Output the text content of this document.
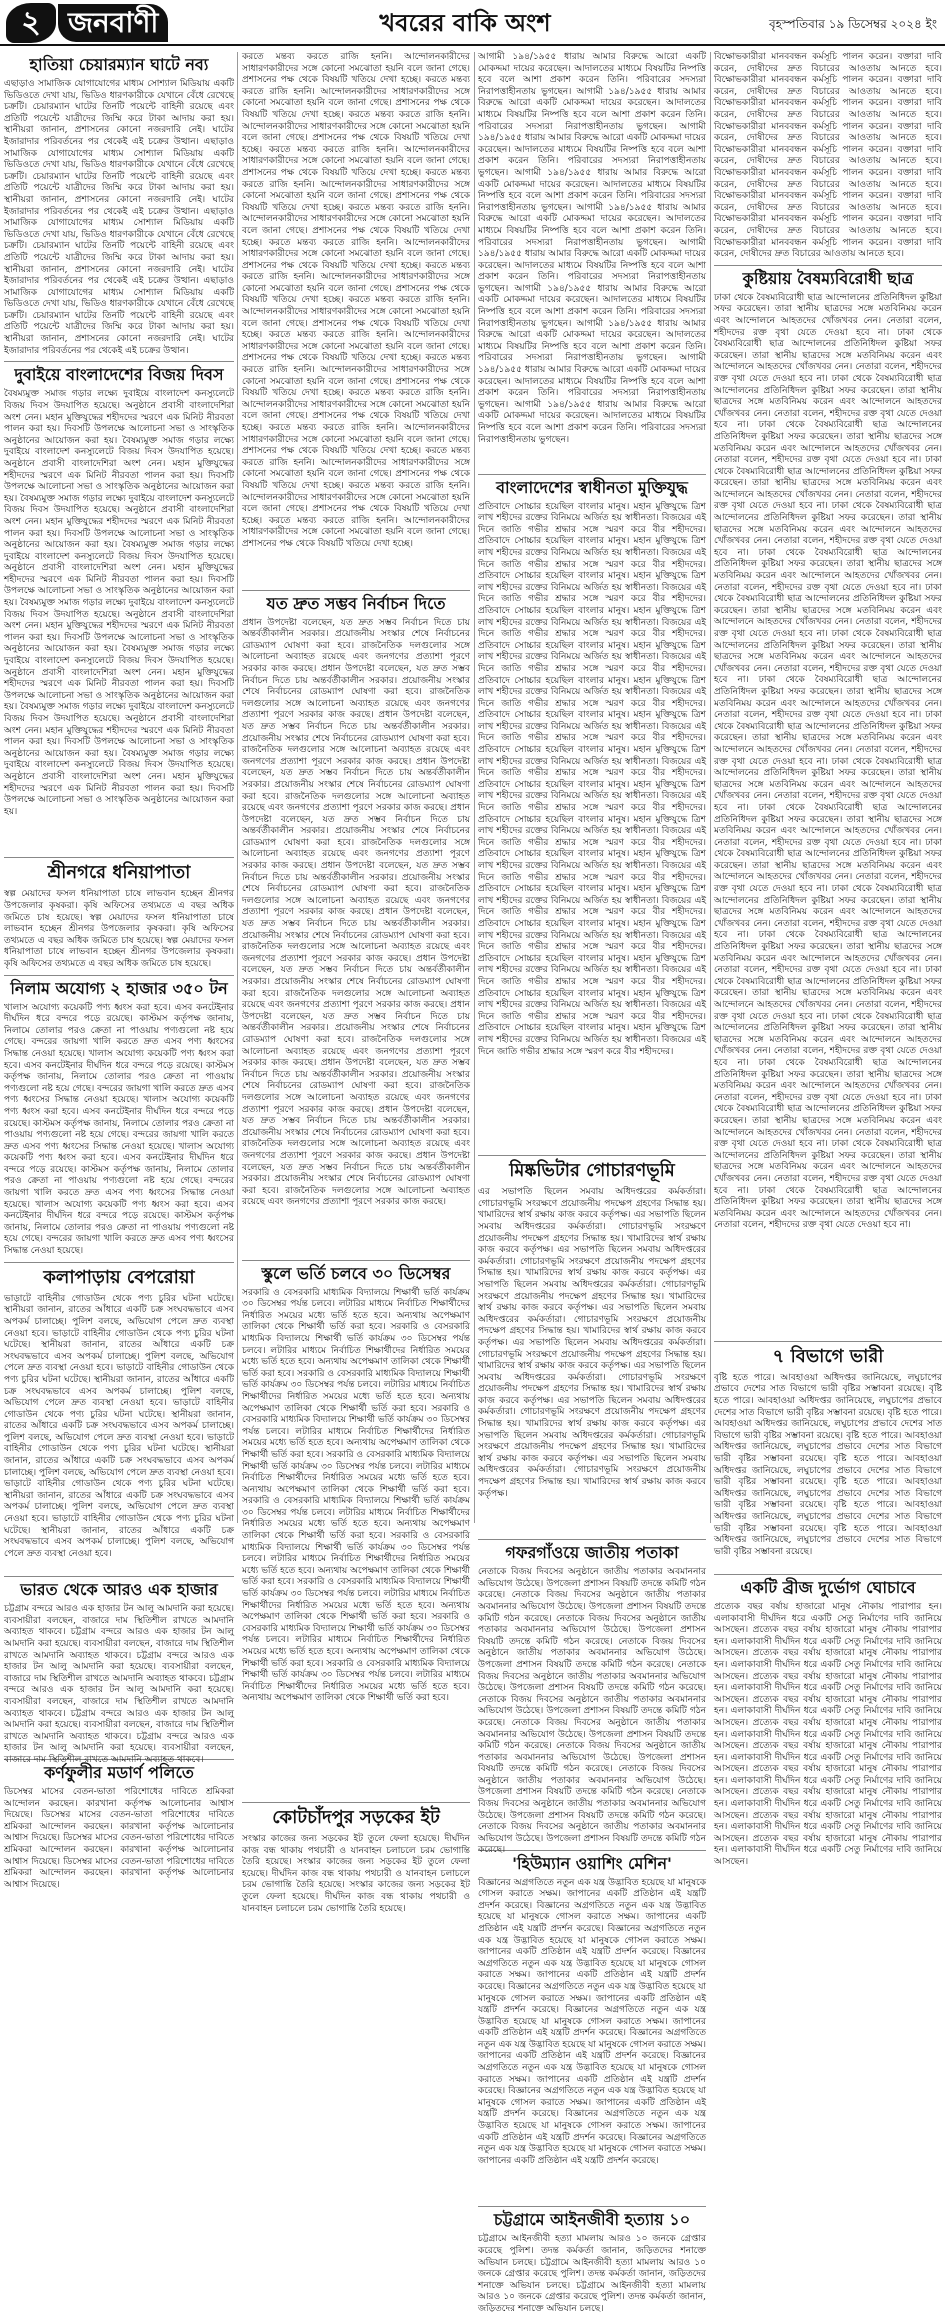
২ জনবাণী	খবরের বাকি অংশ	বৃহস্পতিবার ১৯ ডিসেম্বর ২০২৪ ইং
হাতিয়া চেয়ারম্যান ঘাটে নব্য
এছাড়াও সামাজিক যোগাযোগের মাধ্যম সোশ্যাল মিডিয়ায় একটি ভিডিওতে দেখা যায়, ভিডিও ধারণকারীকে যেখানে বেঁধে রেখেছে চক্রটি। চেয়ারম্যান ঘাটের তিনটি পয়েন্টে বাহিনী রয়েছে এবং প্রতিটি পয়েন্টে যাত্রীদের জিম্মি করে টাকা আদায় করা হয়। স্থানীয়রা জানান, প্রশাসনের কোনো নজরদারি নেই। ঘাটের ইজারাদার পরিবর্তনের পর থেকেই এই চক্রের উত্থান। এছাড়াও সামাজিক যোগাযোগের মাধ্যম সোশ্যাল মিডিয়ায় একটি ভিডিওতে দেখা যায়, ভিডিও ধারণকারীকে যেখানে বেঁধে রেখেছে চক্রটি। চেয়ারম্যান ঘাটের তিনটি পয়েন্টে বাহিনী রয়েছে এবং প্রতিটি পয়েন্টে যাত্রীদের জিম্মি করে টাকা আদায় করা হয়। স্থানীয়রা জানান, প্রশাসনের কোনো নজরদারি নেই। ঘাটের ইজারাদার পরিবর্তনের পর থেকেই এই চক্রের উত্থান। এছাড়াও সামাজিক যোগাযোগের মাধ্যম সোশ্যাল মিডিয়ায় একটি ভিডিওতে দেখা যায়, ভিডিও ধারণকারীকে যেখানে বেঁধে রেখেছে চক্রটি। চেয়ারম্যান ঘাটের তিনটি পয়েন্টে বাহিনী রয়েছে এবং প্রতিটি পয়েন্টে যাত্রীদের জিম্মি করে টাকা আদায় করা হয়। স্থানীয়রা জানান, প্রশাসনের কোনো নজরদারি নেই। ঘাটের ইজারাদার পরিবর্তনের পর থেকেই এই চক্রের উত্থান। এছাড়াও সামাজিক যোগাযোগের মাধ্যম সোশ্যাল মিডিয়ায় একটি ভিডিওতে দেখা যায়, ভিডিও ধারণকারীকে যেখানে বেঁধে রেখেছে চক্রটি। চেয়ারম্যান ঘাটের তিনটি পয়েন্টে বাহিনী রয়েছে এবং প্রতিটি পয়েন্টে যাত্রীদের জিম্মি করে টাকা আদায় করা হয়। স্থানীয়রা জানান, প্রশাসনের কোনো নজরদারি নেই। ঘাটের ইজারাদার পরিবর্তনের পর থেকেই এই চক্রের উত্থান।
দুবাইয়ে বাংলাদেশের বিজয় দিবস
বৈষম্যমুক্ত সমাজ গড়ার লক্ষ্যে দুবাইয়ে বাংলাদেশ কনস্যুলেটে বিজয় দিবস উদযাপিত হয়েছে। অনুষ্ঠানে প্রবাসী বাংলাদেশিরা অংশ নেন। মহান মুক্তিযুদ্ধের শহীদদের স্মরণে এক মিনিট নীরবতা পালন করা হয়। দিবসটি উপলক্ষে আলোচনা সভা ও সাংস্কৃতিক অনুষ্ঠানের আয়োজন করা হয়। বৈষম্যমুক্ত সমাজ গড়ার লক্ষ্যে দুবাইয়ে বাংলাদেশ কনস্যুলেটে বিজয় দিবস উদযাপিত হয়েছে। অনুষ্ঠানে প্রবাসী বাংলাদেশিরা অংশ নেন। মহান মুক্তিযুদ্ধের শহীদদের স্মরণে এক মিনিট নীরবতা পালন করা হয়। দিবসটি উপলক্ষে আলোচনা সভা ও সাংস্কৃতিক অনুষ্ঠানের আয়োজন করা হয়। বৈষম্যমুক্ত সমাজ গড়ার লক্ষ্যে দুবাইয়ে বাংলাদেশ কনস্যুলেটে বিজয় দিবস উদযাপিত হয়েছে। অনুষ্ঠানে প্রবাসী বাংলাদেশিরা অংশ নেন। মহান মুক্তিযুদ্ধের শহীদদের স্মরণে এক মিনিট নীরবতা পালন করা হয়। দিবসটি উপলক্ষে আলোচনা সভা ও সাংস্কৃতিক অনুষ্ঠানের আয়োজন করা হয়। বৈষম্যমুক্ত সমাজ গড়ার লক্ষ্যে দুবাইয়ে বাংলাদেশ কনস্যুলেটে বিজয় দিবস উদযাপিত হয়েছে। অনুষ্ঠানে প্রবাসী বাংলাদেশিরা অংশ নেন। মহান মুক্তিযুদ্ধের শহীদদের স্মরণে এক মিনিট নীরবতা পালন করা হয়। দিবসটি উপলক্ষে আলোচনা সভা ও সাংস্কৃতিক অনুষ্ঠানের আয়োজন করা হয়। বৈষম্যমুক্ত সমাজ গড়ার লক্ষ্যে দুবাইয়ে বাংলাদেশ কনস্যুলেটে বিজয় দিবস উদযাপিত হয়েছে। অনুষ্ঠানে প্রবাসী বাংলাদেশিরা অংশ নেন। মহান মুক্তিযুদ্ধের শহীদদের স্মরণে এক মিনিট নীরবতা পালন করা হয়। দিবসটি উপলক্ষে আলোচনা সভা ও সাংস্কৃতিক অনুষ্ঠানের আয়োজন করা হয়। বৈষম্যমুক্ত সমাজ গড়ার লক্ষ্যে দুবাইয়ে বাংলাদেশ কনস্যুলেটে বিজয় দিবস উদযাপিত হয়েছে। অনুষ্ঠানে প্রবাসী বাংলাদেশিরা অংশ নেন। মহান মুক্তিযুদ্ধের শহীদদের স্মরণে এক মিনিট নীরবতা পালন করা হয়। দিবসটি উপলক্ষে আলোচনা সভা ও সাংস্কৃতিক অনুষ্ঠানের আয়োজন করা হয়। বৈষম্যমুক্ত সমাজ গড়ার লক্ষ্যে দুবাইয়ে বাংলাদেশ কনস্যুলেটে বিজয় দিবস উদযাপিত হয়েছে। অনুষ্ঠানে প্রবাসী বাংলাদেশিরা অংশ নেন। মহান মুক্তিযুদ্ধের শহীদদের স্মরণে এক মিনিট নীরবতা পালন করা হয়। দিবসটি উপলক্ষে আলোচনা সভা ও সাংস্কৃতিক অনুষ্ঠানের আয়োজন করা হয়। বৈষম্যমুক্ত সমাজ গড়ার লক্ষ্যে দুবাইয়ে বাংলাদেশ কনস্যুলেটে বিজয় দিবস উদযাপিত হয়েছে। অনুষ্ঠানে প্রবাসী বাংলাদেশিরা অংশ নেন। মহান মুক্তিযুদ্ধের শহীদদের স্মরণে এক মিনিট নীরবতা পালন করা হয়। দিবসটি উপলক্ষে আলোচনা সভা ও সাংস্কৃতিক অনুষ্ঠানের আয়োজন করা হয়।
শ্রীনগরে ধনিয়াপাতা
স্বল্প মেয়াদের ফসল ধনিয়াপাতা চাষে লাভবান হচ্ছেন শ্রীনগর উপজেলার কৃষকরা। কৃষি অফিসের তথ্যমতে এ বছর অধিক জমিতে চাষ হয়েছে। স্বল্প মেয়াদের ফসল ধনিয়াপাতা চাষে লাভবান হচ্ছেন শ্রীনগর উপজেলার কৃষকরা। কৃষি অফিসের তথ্যমতে এ বছর অধিক জমিতে চাষ হয়েছে। স্বল্প মেয়াদের ফসল ধনিয়াপাতা চাষে লাভবান হচ্ছেন শ্রীনগর উপজেলার কৃষকরা। কৃষি অফিসের তথ্যমতে এ বছর অধিক জমিতে চাষ হয়েছে।
নিলাম অযোগ্য ২ হাজার ৩৫০ টন
খালাস অযোগ্য কয়েকটি পণ্য ধ্বংস করা হবে। এসব কনটেইনার দীর্ঘদিন ধরে বন্দরে পড়ে রয়েছে। কাস্টমস কর্তৃপক্ষ জানায়, নিলামে তোলার পরও ক্রেতা না পাওয়ায় পণ্যগুলো নষ্ট হয়ে গেছে। বন্দরের জায়গা খালি করতে দ্রুত এসব পণ্য ধ্বংসের সিদ্ধান্ত নেওয়া হয়েছে। খালাস অযোগ্য কয়েকটি পণ্য ধ্বংস করা হবে। এসব কনটেইনার দীর্ঘদিন ধরে বন্দরে পড়ে রয়েছে। কাস্টমস কর্তৃপক্ষ জানায়, নিলামে তোলার পরও ক্রেতা না পাওয়ায় পণ্যগুলো নষ্ট হয়ে গেছে। বন্দরের জায়গা খালি করতে দ্রুত এসব পণ্য ধ্বংসের সিদ্ধান্ত নেওয়া হয়েছে। খালাস অযোগ্য কয়েকটি পণ্য ধ্বংস করা হবে। এসব কনটেইনার দীর্ঘদিন ধরে বন্দরে পড়ে রয়েছে। কাস্টমস কর্তৃপক্ষ জানায়, নিলামে তোলার পরও ক্রেতা না পাওয়ায় পণ্যগুলো নষ্ট হয়ে গেছে। বন্দরের জায়গা খালি করতে দ্রুত এসব পণ্য ধ্বংসের সিদ্ধান্ত নেওয়া হয়েছে। খালাস অযোগ্য কয়েকটি পণ্য ধ্বংস করা হবে। এসব কনটেইনার দীর্ঘদিন ধরে বন্দরে পড়ে রয়েছে। কাস্টমস কর্তৃপক্ষ জানায়, নিলামে তোলার পরও ক্রেতা না পাওয়ায় পণ্যগুলো নষ্ট হয়ে গেছে। বন্দরের জায়গা খালি করতে দ্রুত এসব পণ্য ধ্বংসের সিদ্ধান্ত নেওয়া হয়েছে। খালাস অযোগ্য কয়েকটি পণ্য ধ্বংস করা হবে। এসব কনটেইনার দীর্ঘদিন ধরে বন্দরে পড়ে রয়েছে। কাস্টমস কর্তৃপক্ষ জানায়, নিলামে তোলার পরও ক্রেতা না পাওয়ায় পণ্যগুলো নষ্ট হয়ে গেছে। বন্দরের জায়গা খালি করতে দ্রুত এসব পণ্য ধ্বংসের সিদ্ধান্ত নেওয়া হয়েছে।
কলাপাড়ায় বেপরোয়া
ভাড়াটে বাহিনীর গোডাউন থেকে পণ্য চুরির ঘটনা ঘটেছে। স্থানীয়রা জানান, রাতের আঁধারে একটি চক্র সংঘবদ্ধভাবে এসব অপকর্ম চালাচ্ছে। পুলিশ বলছে, অভিযোগ পেলে দ্রুত ব্যবস্থা নেওয়া হবে। ভাড়াটে বাহিনীর গোডাউন থেকে পণ্য চুরির ঘটনা ঘটেছে। স্থানীয়রা জানান, রাতের আঁধারে একটি চক্র সংঘবদ্ধভাবে এসব অপকর্ম চালাচ্ছে। পুলিশ বলছে, অভিযোগ পেলে দ্রুত ব্যবস্থা নেওয়া হবে। ভাড়াটে বাহিনীর গোডাউন থেকে পণ্য চুরির ঘটনা ঘটেছে। স্থানীয়রা জানান, রাতের আঁধারে একটি চক্র সংঘবদ্ধভাবে এসব অপকর্ম চালাচ্ছে। পুলিশ বলছে, অভিযোগ পেলে দ্রুত ব্যবস্থা নেওয়া হবে। ভাড়াটে বাহিনীর গোডাউন থেকে পণ্য চুরির ঘটনা ঘটেছে। স্থানীয়রা জানান, রাতের আঁধারে একটি চক্র সংঘবদ্ধভাবে এসব অপকর্ম চালাচ্ছে। পুলিশ বলছে, অভিযোগ পেলে দ্রুত ব্যবস্থা নেওয়া হবে। ভাড়াটে বাহিনীর গোডাউন থেকে পণ্য চুরির ঘটনা ঘটেছে। স্থানীয়রা জানান, রাতের আঁধারে একটি চক্র সংঘবদ্ধভাবে এসব অপকর্ম চালাচ্ছে। পুলিশ বলছে, অভিযোগ পেলে দ্রুত ব্যবস্থা নেওয়া হবে। ভাড়াটে বাহিনীর গোডাউন থেকে পণ্য চুরির ঘটনা ঘটেছে। স্থানীয়রা জানান, রাতের আঁধারে একটি চক্র সংঘবদ্ধভাবে এসব অপকর্ম চালাচ্ছে। পুলিশ বলছে, অভিযোগ পেলে দ্রুত ব্যবস্থা নেওয়া হবে। ভাড়াটে বাহিনীর গোডাউন থেকে পণ্য চুরির ঘটনা ঘটেছে। স্থানীয়রা জানান, রাতের আঁধারে একটি চক্র সংঘবদ্ধভাবে এসব অপকর্ম চালাচ্ছে। পুলিশ বলছে, অভিযোগ পেলে দ্রুত ব্যবস্থা নেওয়া হবে।
ভারত থেকে আরও এক হাজার
চট্টগ্রাম বন্দরে আরও এক হাজার টন আলু আমদানি করা হয়েছে। ব্যবসায়ীরা বলছেন, বাজারে দাম স্থিতিশীল রাখতে আমদানি অব্যাহত থাকবে। চট্টগ্রাম বন্দরে আরও এক হাজার টন আলু আমদানি করা হয়েছে। ব্যবসায়ীরা বলছেন, বাজারে দাম স্থিতিশীল রাখতে আমদানি অব্যাহত থাকবে। চট্টগ্রাম বন্দরে আরও এক হাজার টন আলু আমদানি করা হয়েছে। ব্যবসায়ীরা বলছেন, বাজারে দাম স্থিতিশীল রাখতে আমদানি অব্যাহত থাকবে। চট্টগ্রাম বন্দরে আরও এক হাজার টন আলু আমদানি করা হয়েছে। ব্যবসায়ীরা বলছেন, বাজারে দাম স্থিতিশীল রাখতে আমদানি অব্যাহত থাকবে। চট্টগ্রাম বন্দরে আরও এক হাজার টন আলু আমদানি করা হয়েছে। ব্যবসায়ীরা বলছেন, বাজারে দাম স্থিতিশীল রাখতে আমদানি অব্যাহত থাকবে। চট্টগ্রাম বন্দরে আরও এক হাজার টন আলু আমদানি করা হয়েছে। ব্যবসায়ীরা বলছেন, বাজারে দাম স্থিতিশীল রাখতে আমদানি অব্যাহত থাকবে।
কর্ণফুলীর মডার্ণ পলিতে
ডিসেম্বর মাসের বেতন-ভাতা পরিশোধের দাবিতে শ্রমিকরা আন্দোলন করছেন। কারখানা কর্তৃপক্ষ আলোচনার আশ্বাস দিয়েছে। ডিসেম্বর মাসের বেতন-ভাতা পরিশোধের দাবিতে শ্রমিকরা আন্দোলন করছেন। কারখানা কর্তৃপক্ষ আলোচনার আশ্বাস দিয়েছে। ডিসেম্বর মাসের বেতন-ভাতা পরিশোধের দাবিতে শ্রমিকরা আন্দোলন করছেন। কারখানা কর্তৃপক্ষ আলোচনার আশ্বাস দিয়েছে। ডিসেম্বর মাসের বেতন-ভাতা পরিশোধের দাবিতে শ্রমিকরা আন্দোলন করছেন। কারখানা কর্তৃপক্ষ আলোচনার আশ্বাস দিয়েছে।
করতে মন্তব্য করতে রাজি হননি। আন্দোলনকারীদের সাধারণকারীদের সঙ্গে কোনো সমঝোতা হয়নি বলে জানা গেছে। প্রশাসনের পক্ষ থেকে বিষয়টি খতিয়ে দেখা হচ্ছে। করতে মন্তব্য করতে রাজি হননি। আন্দোলনকারীদের সাধারণকারীদের সঙ্গে কোনো সমঝোতা হয়নি বলে জানা গেছে। প্রশাসনের পক্ষ থেকে বিষয়টি খতিয়ে দেখা হচ্ছে। করতে মন্তব্য করতে রাজি হননি। আন্দোলনকারীদের সাধারণকারীদের সঙ্গে কোনো সমঝোতা হয়নি বলে জানা গেছে। প্রশাসনের পক্ষ থেকে বিষয়টি খতিয়ে দেখা হচ্ছে। করতে মন্তব্য করতে রাজি হননি। আন্দোলনকারীদের সাধারণকারীদের সঙ্গে কোনো সমঝোতা হয়নি বলে জানা গেছে। প্রশাসনের পক্ষ থেকে বিষয়টি খতিয়ে দেখা হচ্ছে। করতে মন্তব্য করতে রাজি হননি। আন্দোলনকারীদের সাধারণকারীদের সঙ্গে কোনো সমঝোতা হয়নি বলে জানা গেছে। প্রশাসনের পক্ষ থেকে বিষয়টি খতিয়ে দেখা হচ্ছে। করতে মন্তব্য করতে রাজি হননি। আন্দোলনকারীদের সাধারণকারীদের সঙ্গে কোনো সমঝোতা হয়নি বলে জানা গেছে। প্রশাসনের পক্ষ থেকে বিষয়টি খতিয়ে দেখা হচ্ছে। করতে মন্তব্য করতে রাজি হননি। আন্দোলনকারীদের সাধারণকারীদের সঙ্গে কোনো সমঝোতা হয়নি বলে জানা গেছে। প্রশাসনের পক্ষ থেকে বিষয়টি খতিয়ে দেখা হচ্ছে। করতে মন্তব্য করতে রাজি হননি। আন্দোলনকারীদের সাধারণকারীদের সঙ্গে কোনো সমঝোতা হয়নি বলে জানা গেছে। প্রশাসনের পক্ষ থেকে বিষয়টি খতিয়ে দেখা হচ্ছে। করতে মন্তব্য করতে রাজি হননি। আন্দোলনকারীদের সাধারণকারীদের সঙ্গে কোনো সমঝোতা হয়নি বলে জানা গেছে। প্রশাসনের পক্ষ থেকে বিষয়টি খতিয়ে দেখা হচ্ছে। করতে মন্তব্য করতে রাজি হননি। আন্দোলনকারীদের সাধারণকারীদের সঙ্গে কোনো সমঝোতা হয়নি বলে জানা গেছে। প্রশাসনের পক্ষ থেকে বিষয়টি খতিয়ে দেখা হচ্ছে। করতে মন্তব্য করতে রাজি হননি। আন্দোলনকারীদের সাধারণকারীদের সঙ্গে কোনো সমঝোতা হয়নি বলে জানা গেছে। প্রশাসনের পক্ষ থেকে বিষয়টি খতিয়ে দেখা হচ্ছে। করতে মন্তব্য করতে রাজি হননি। আন্দোলনকারীদের সাধারণকারীদের সঙ্গে কোনো সমঝোতা হয়নি বলে জানা গেছে। প্রশাসনের পক্ষ থেকে বিষয়টি খতিয়ে দেখা হচ্ছে। করতে মন্তব্য করতে রাজি হননি। আন্দোলনকারীদের সাধারণকারীদের সঙ্গে কোনো সমঝোতা হয়নি বলে জানা গেছে। প্রশাসনের পক্ষ থেকে বিষয়টি খতিয়ে দেখা হচ্ছে। করতে মন্তব্য করতে রাজি হননি। আন্দোলনকারীদের সাধারণকারীদের সঙ্গে কোনো সমঝোতা হয়নি বলে জানা গেছে। প্রশাসনের পক্ষ থেকে বিষয়টি খতিয়ে দেখা হচ্ছে। করতে মন্তব্য করতে রাজি হননি। আন্দোলনকারীদের সাধারণকারীদের সঙ্গে কোনো সমঝোতা হয়নি বলে জানা গেছে। প্রশাসনের পক্ষ থেকে বিষয়টি খতিয়ে দেখা হচ্ছে। করতে মন্তব্য করতে রাজি হননি। আন্দোলনকারীদের সাধারণকারীদের সঙ্গে কোনো সমঝোতা হয়নি বলে জানা গেছে। প্রশাসনের পক্ষ থেকে বিষয়টি খতিয়ে দেখা হচ্ছে।
যত দ্রুত সম্ভব নির্বাচন দিতে
প্রধান উপদেষ্টা বলেছেন, যত দ্রুত সম্ভব নির্বাচন দিতে চায় অন্তর্বর্তীকালীন সরকার। প্রয়োজনীয় সংস্কার শেষে নির্বাচনের রোডম্যাপ ঘোষণা করা হবে। রাজনৈতিক দলগুলোর সঙ্গে আলোচনা অব্যাহত রয়েছে এবং জনগণের প্রত্যাশা পূরণে সরকার কাজ করছে। প্রধান উপদেষ্টা বলেছেন, যত দ্রুত সম্ভব নির্বাচন দিতে চায় অন্তর্বর্তীকালীন সরকার। প্রয়োজনীয় সংস্কার শেষে নির্বাচনের রোডম্যাপ ঘোষণা করা হবে। রাজনৈতিক দলগুলোর সঙ্গে আলোচনা অব্যাহত রয়েছে এবং জনগণের প্রত্যাশা পূরণে সরকার কাজ করছে। প্রধান উপদেষ্টা বলেছেন, যত দ্রুত সম্ভব নির্বাচন দিতে চায় অন্তর্বর্তীকালীন সরকার। প্রয়োজনীয় সংস্কার শেষে নির্বাচনের রোডম্যাপ ঘোষণা করা হবে। রাজনৈতিক দলগুলোর সঙ্গে আলোচনা অব্যাহত রয়েছে এবং জনগণের প্রত্যাশা পূরণে সরকার কাজ করছে। প্রধান উপদেষ্টা বলেছেন, যত দ্রুত সম্ভব নির্বাচন দিতে চায় অন্তর্বর্তীকালীন সরকার। প্রয়োজনীয় সংস্কার শেষে নির্বাচনের রোডম্যাপ ঘোষণা করা হবে। রাজনৈতিক দলগুলোর সঙ্গে আলোচনা অব্যাহত রয়েছে এবং জনগণের প্রত্যাশা পূরণে সরকার কাজ করছে। প্রধান উপদেষ্টা বলেছেন, যত দ্রুত সম্ভব নির্বাচন দিতে চায় অন্তর্বর্তীকালীন সরকার। প্রয়োজনীয় সংস্কার শেষে নির্বাচনের রোডম্যাপ ঘোষণা করা হবে। রাজনৈতিক দলগুলোর সঙ্গে আলোচনা অব্যাহত রয়েছে এবং জনগণের প্রত্যাশা পূরণে সরকার কাজ করছে। প্রধান উপদেষ্টা বলেছেন, যত দ্রুত সম্ভব নির্বাচন দিতে চায় অন্তর্বর্তীকালীন সরকার। প্রয়োজনীয় সংস্কার শেষে নির্বাচনের রোডম্যাপ ঘোষণা করা হবে। রাজনৈতিক দলগুলোর সঙ্গে আলোচনা অব্যাহত রয়েছে এবং জনগণের প্রত্যাশা পূরণে সরকার কাজ করছে। প্রধান উপদেষ্টা বলেছেন, যত দ্রুত সম্ভব নির্বাচন দিতে চায় অন্তর্বর্তীকালীন সরকার। প্রয়োজনীয় সংস্কার শেষে নির্বাচনের রোডম্যাপ ঘোষণা করা হবে। রাজনৈতিক দলগুলোর সঙ্গে আলোচনা অব্যাহত রয়েছে এবং জনগণের প্রত্যাশা পূরণে সরকার কাজ করছে। প্রধান উপদেষ্টা বলেছেন, যত দ্রুত সম্ভব নির্বাচন দিতে চায় অন্তর্বর্তীকালীন সরকার। প্রয়োজনীয় সংস্কার শেষে নির্বাচনের রোডম্যাপ ঘোষণা করা হবে। রাজনৈতিক দলগুলোর সঙ্গে আলোচনা অব্যাহত রয়েছে এবং জনগণের প্রত্যাশা পূরণে সরকার কাজ করছে। প্রধান উপদেষ্টা বলেছেন, যত দ্রুত সম্ভব নির্বাচন দিতে চায় অন্তর্বর্তীকালীন সরকার। প্রয়োজনীয় সংস্কার শেষে নির্বাচনের রোডম্যাপ ঘোষণা করা হবে। রাজনৈতিক দলগুলোর সঙ্গে আলোচনা অব্যাহত রয়েছে এবং জনগণের প্রত্যাশা পূরণে সরকার কাজ করছে। প্রধান উপদেষ্টা বলেছেন, যত দ্রুত সম্ভব নির্বাচন দিতে চায় অন্তর্বর্তীকালীন সরকার। প্রয়োজনীয় সংস্কার শেষে নির্বাচনের রোডম্যাপ ঘোষণা করা হবে। রাজনৈতিক দলগুলোর সঙ্গে আলোচনা অব্যাহত রয়েছে এবং জনগণের প্রত্যাশা পূরণে সরকার কাজ করছে। প্রধান উপদেষ্টা বলেছেন, যত দ্রুত সম্ভব নির্বাচন দিতে চায় অন্তর্বর্তীকালীন সরকার। প্রয়োজনীয় সংস্কার শেষে নির্বাচনের রোডম্যাপ ঘোষণা করা হবে। রাজনৈতিক দলগুলোর সঙ্গে আলোচনা অব্যাহত রয়েছে এবং জনগণের প্রত্যাশা পূরণে সরকার কাজ করছে। প্রধান উপদেষ্টা বলেছেন, যত দ্রুত সম্ভব নির্বাচন দিতে চায় অন্তর্বর্তীকালীন সরকার। প্রয়োজনীয় সংস্কার শেষে নির্বাচনের রোডম্যাপ ঘোষণা করা হবে। রাজনৈতিক দলগুলোর সঙ্গে আলোচনা অব্যাহত রয়েছে এবং জনগণের প্রত্যাশা পূরণে সরকার কাজ করছে।
স্কুলে ভর্তি চলবে ৩০ ডিসেম্বর
সরকারি ও বেসরকারি মাধ্যমিক বিদ্যালয়ে শিক্ষার্থী ভর্তি কার্যক্রম ৩০ ডিসেম্বর পর্যন্ত চলবে। লটারির মাধ্যমে নির্বাচিত শিক্ষার্থীদের নির্ধারিত সময়ের মধ্যে ভর্তি হতে হবে। অন্যথায় অপেক্ষমাণ তালিকা থেকে শিক্ষার্থী ভর্তি করা হবে। সরকারি ও বেসরকারি মাধ্যমিক বিদ্যালয়ে শিক্ষার্থী ভর্তি কার্যক্রম ৩০ ডিসেম্বর পর্যন্ত চলবে। লটারির মাধ্যমে নির্বাচিত শিক্ষার্থীদের নির্ধারিত সময়ের মধ্যে ভর্তি হতে হবে। অন্যথায় অপেক্ষমাণ তালিকা থেকে শিক্ষার্থী ভর্তি করা হবে। সরকারি ও বেসরকারি মাধ্যমিক বিদ্যালয়ে শিক্ষার্থী ভর্তি কার্যক্রম ৩০ ডিসেম্বর পর্যন্ত চলবে। লটারির মাধ্যমে নির্বাচিত শিক্ষার্থীদের নির্ধারিত সময়ের মধ্যে ভর্তি হতে হবে। অন্যথায় অপেক্ষমাণ তালিকা থেকে শিক্ষার্থী ভর্তি করা হবে। সরকারি ও বেসরকারি মাধ্যমিক বিদ্যালয়ে শিক্ষার্থী ভর্তি কার্যক্রম ৩০ ডিসেম্বর পর্যন্ত চলবে। লটারির মাধ্যমে নির্বাচিত শিক্ষার্থীদের নির্ধারিত সময়ের মধ্যে ভর্তি হতে হবে। অন্যথায় অপেক্ষমাণ তালিকা থেকে শিক্ষার্থী ভর্তি করা হবে। সরকারি ও বেসরকারি মাধ্যমিক বিদ্যালয়ে শিক্ষার্থী ভর্তি কার্যক্রম ৩০ ডিসেম্বর পর্যন্ত চলবে। লটারির মাধ্যমে নির্বাচিত শিক্ষার্থীদের নির্ধারিত সময়ের মধ্যে ভর্তি হতে হবে। অন্যথায় অপেক্ষমাণ তালিকা থেকে শিক্ষার্থী ভর্তি করা হবে। সরকারি ও বেসরকারি মাধ্যমিক বিদ্যালয়ে শিক্ষার্থী ভর্তি কার্যক্রম ৩০ ডিসেম্বর পর্যন্ত চলবে। লটারির মাধ্যমে নির্বাচিত শিক্ষার্থীদের নির্ধারিত সময়ের মধ্যে ভর্তি হতে হবে। অন্যথায় অপেক্ষমাণ তালিকা থেকে শিক্ষার্থী ভর্তি করা হবে। সরকারি ও বেসরকারি মাধ্যমিক বিদ্যালয়ে শিক্ষার্থী ভর্তি কার্যক্রম ৩০ ডিসেম্বর পর্যন্ত চলবে। লটারির মাধ্যমে নির্বাচিত শিক্ষার্থীদের নির্ধারিত সময়ের মধ্যে ভর্তি হতে হবে। অন্যথায় অপেক্ষমাণ তালিকা থেকে শিক্ষার্থী ভর্তি করা হবে। সরকারি ও বেসরকারি মাধ্যমিক বিদ্যালয়ে শিক্ষার্থী ভর্তি কার্যক্রম ৩০ ডিসেম্বর পর্যন্ত চলবে। লটারির মাধ্যমে নির্বাচিত শিক্ষার্থীদের নির্ধারিত সময়ের মধ্যে ভর্তি হতে হবে। অন্যথায় অপেক্ষমাণ তালিকা থেকে শিক্ষার্থী ভর্তি করা হবে। সরকারি ও বেসরকারি মাধ্যমিক বিদ্যালয়ে শিক্ষার্থী ভর্তি কার্যক্রম ৩০ ডিসেম্বর পর্যন্ত চলবে। লটারির মাধ্যমে নির্বাচিত শিক্ষার্থীদের নির্ধারিত সময়ের মধ্যে ভর্তি হতে হবে। অন্যথায় অপেক্ষমাণ তালিকা থেকে শিক্ষার্থী ভর্তি করা হবে। সরকারি ও বেসরকারি মাধ্যমিক বিদ্যালয়ে শিক্ষার্থী ভর্তি কার্যক্রম ৩০ ডিসেম্বর পর্যন্ত চলবে। লটারির মাধ্যমে নির্বাচিত শিক্ষার্থীদের নির্ধারিত সময়ের মধ্যে ভর্তি হতে হবে। অন্যথায় অপেক্ষমাণ তালিকা থেকে শিক্ষার্থী ভর্তি করা হবে।
কোটচাঁদপুর সড়কের ইট
সংস্কার কাজের জন্য সড়কের ইট তুলে ফেলা হয়েছে। দীর্ঘদিন কাজ বন্ধ থাকায় পথচারী ও যানবাহন চলাচলে চরম ভোগান্তি তৈরি হয়েছে। সংস্কার কাজের জন্য সড়কের ইট তুলে ফেলা হয়েছে। দীর্ঘদিন কাজ বন্ধ থাকায় পথচারী ও যানবাহন চলাচলে চরম ভোগান্তি তৈরি হয়েছে। সংস্কার কাজের জন্য সড়কের ইট তুলে ফেলা হয়েছে। দীর্ঘদিন কাজ বন্ধ থাকায় পথচারী ও যানবাহন চলাচলে চরম ভোগান্তি তৈরি হয়েছে।
আগামী ১৯৪/১৯৫৫ ধারায় আমার বিরুদ্ধে আরো একটি মোকদ্দমা দায়ের করেছেন। আদালতের মাধ্যমে বিষয়টির নিষ্পত্তি হবে বলে আশা প্রকাশ করেন তিনি। পরিবারের সদস্যরা নিরাপত্তাহীনতায় ভুগছেন। আগামী ১৯৪/১৯৫৫ ধারায় আমার বিরুদ্ধে আরো একটি মোকদ্দমা দায়ের করেছেন। আদালতের মাধ্যমে বিষয়টির নিষ্পত্তি হবে বলে আশা প্রকাশ করেন তিনি। পরিবারের সদস্যরা নিরাপত্তাহীনতায় ভুগছেন। আগামী ১৯৪/১৯৫৫ ধারায় আমার বিরুদ্ধে আরো একটি মোকদ্দমা দায়ের করেছেন। আদালতের মাধ্যমে বিষয়টির নিষ্পত্তি হবে বলে আশা প্রকাশ করেন তিনি। পরিবারের সদস্যরা নিরাপত্তাহীনতায় ভুগছেন। আগামী ১৯৪/১৯৫৫ ধারায় আমার বিরুদ্ধে আরো একটি মোকদ্দমা দায়ের করেছেন। আদালতের মাধ্যমে বিষয়টির নিষ্পত্তি হবে বলে আশা প্রকাশ করেন তিনি। পরিবারের সদস্যরা নিরাপত্তাহীনতায় ভুগছেন। আগামী ১৯৪/১৯৫৫ ধারায় আমার বিরুদ্ধে আরো একটি মোকদ্দমা দায়ের করেছেন। আদালতের মাধ্যমে বিষয়টির নিষ্পত্তি হবে বলে আশা প্রকাশ করেন তিনি। পরিবারের সদস্যরা নিরাপত্তাহীনতায় ভুগছেন। আগামী ১৯৪/১৯৫৫ ধারায় আমার বিরুদ্ধে আরো একটি মোকদ্দমা দায়ের করেছেন। আদালতের মাধ্যমে বিষয়টির নিষ্পত্তি হবে বলে আশা প্রকাশ করেন তিনি। পরিবারের সদস্যরা নিরাপত্তাহীনতায় ভুগছেন। আগামী ১৯৪/১৯৫৫ ধারায় আমার বিরুদ্ধে আরো একটি মোকদ্দমা দায়ের করেছেন। আদালতের মাধ্যমে বিষয়টির নিষ্পত্তি হবে বলে আশা প্রকাশ করেন তিনি। পরিবারের সদস্যরা নিরাপত্তাহীনতায় ভুগছেন। আগামী ১৯৪/১৯৫৫ ধারায় আমার বিরুদ্ধে আরো একটি মোকদ্দমা দায়ের করেছেন। আদালতের মাধ্যমে বিষয়টির নিষ্পত্তি হবে বলে আশা প্রকাশ করেন তিনি। পরিবারের সদস্যরা নিরাপত্তাহীনতায় ভুগছেন। আগামী ১৯৪/১৯৫৫ ধারায় আমার বিরুদ্ধে আরো একটি মোকদ্দমা দায়ের করেছেন। আদালতের মাধ্যমে বিষয়টির নিষ্পত্তি হবে বলে আশা প্রকাশ করেন তিনি। পরিবারের সদস্যরা নিরাপত্তাহীনতায় ভুগছেন। আগামী ১৯৪/১৯৫৫ ধারায় আমার বিরুদ্ধে আরো একটি মোকদ্দমা দায়ের করেছেন। আদালতের মাধ্যমে বিষয়টির নিষ্পত্তি হবে বলে আশা প্রকাশ করেন তিনি। পরিবারের সদস্যরা নিরাপত্তাহীনতায় ভুগছেন।
বাংলাদেশের স্বাধীনতা মুক্তিযুদ্ধ
প্রতিবাদে সোচ্চার হয়েছিল বাংলার মানুষ। মহান মুক্তিযুদ্ধে ত্রিশ লাখ শহীদের রক্তের বিনিময়ে অর্জিত হয় স্বাধীনতা। বিজয়ের এই দিনে জাতি গভীর শ্রদ্ধার সঙ্গে স্মরণ করে বীর শহীদদের। প্রতিবাদে সোচ্চার হয়েছিল বাংলার মানুষ। মহান মুক্তিযুদ্ধে ত্রিশ লাখ শহীদের রক্তের বিনিময়ে অর্জিত হয় স্বাধীনতা। বিজয়ের এই দিনে জাতি গভীর শ্রদ্ধার সঙ্গে স্মরণ করে বীর শহীদদের। প্রতিবাদে সোচ্চার হয়েছিল বাংলার মানুষ। মহান মুক্তিযুদ্ধে ত্রিশ লাখ শহীদের রক্তের বিনিময়ে অর্জিত হয় স্বাধীনতা। বিজয়ের এই দিনে জাতি গভীর শ্রদ্ধার সঙ্গে স্মরণ করে বীর শহীদদের। প্রতিবাদে সোচ্চার হয়েছিল বাংলার মানুষ। মহান মুক্তিযুদ্ধে ত্রিশ লাখ শহীদের রক্তের বিনিময়ে অর্জিত হয় স্বাধীনতা। বিজয়ের এই দিনে জাতি গভীর শ্রদ্ধার সঙ্গে স্মরণ করে বীর শহীদদের। প্রতিবাদে সোচ্চার হয়েছিল বাংলার মানুষ। মহান মুক্তিযুদ্ধে ত্রিশ লাখ শহীদের রক্তের বিনিময়ে অর্জিত হয় স্বাধীনতা। বিজয়ের এই দিনে জাতি গভীর শ্রদ্ধার সঙ্গে স্মরণ করে বীর শহীদদের। প্রতিবাদে সোচ্চার হয়েছিল বাংলার মানুষ। মহান মুক্তিযুদ্ধে ত্রিশ লাখ শহীদের রক্তের বিনিময়ে অর্জিত হয় স্বাধীনতা। বিজয়ের এই দিনে জাতি গভীর শ্রদ্ধার সঙ্গে স্মরণ করে বীর শহীদদের। প্রতিবাদে সোচ্চার হয়েছিল বাংলার মানুষ। মহান মুক্তিযুদ্ধে ত্রিশ লাখ শহীদের রক্তের বিনিময়ে অর্জিত হয় স্বাধীনতা। বিজয়ের এই দিনে জাতি গভীর শ্রদ্ধার সঙ্গে স্মরণ করে বীর শহীদদের। প্রতিবাদে সোচ্চার হয়েছিল বাংলার মানুষ। মহান মুক্তিযুদ্ধে ত্রিশ লাখ শহীদের রক্তের বিনিময়ে অর্জিত হয় স্বাধীনতা। বিজয়ের এই দিনে জাতি গভীর শ্রদ্ধার সঙ্গে স্মরণ করে বীর শহীদদের। প্রতিবাদে সোচ্চার হয়েছিল বাংলার মানুষ। মহান মুক্তিযুদ্ধে ত্রিশ লাখ শহীদের রক্তের বিনিময়ে অর্জিত হয় স্বাধীনতা। বিজয়ের এই দিনে জাতি গভীর শ্রদ্ধার সঙ্গে স্মরণ করে বীর শহীদদের। প্রতিবাদে সোচ্চার হয়েছিল বাংলার মানুষ। মহান মুক্তিযুদ্ধে ত্রিশ লাখ শহীদের রক্তের বিনিময়ে অর্জিত হয় স্বাধীনতা। বিজয়ের এই দিনে জাতি গভীর শ্রদ্ধার সঙ্গে স্মরণ করে বীর শহীদদের। প্রতিবাদে সোচ্চার হয়েছিল বাংলার মানুষ। মহান মুক্তিযুদ্ধে ত্রিশ লাখ শহীদের রক্তের বিনিময়ে অর্জিত হয় স্বাধীনতা। বিজয়ের এই দিনে জাতি গভীর শ্রদ্ধার সঙ্গে স্মরণ করে বীর শহীদদের। প্রতিবাদে সোচ্চার হয়েছিল বাংলার মানুষ। মহান মুক্তিযুদ্ধে ত্রিশ লাখ শহীদের রক্তের বিনিময়ে অর্জিত হয় স্বাধীনতা। বিজয়ের এই দিনে জাতি গভীর শ্রদ্ধার সঙ্গে স্মরণ করে বীর শহীদদের। প্রতিবাদে সোচ্চার হয়েছিল বাংলার মানুষ। মহান মুক্তিযুদ্ধে ত্রিশ লাখ শহীদের রক্তের বিনিময়ে অর্জিত হয় স্বাধীনতা। বিজয়ের এই দিনে জাতি গভীর শ্রদ্ধার সঙ্গে স্মরণ করে বীর শহীদদের। প্রতিবাদে সোচ্চার হয়েছিল বাংলার মানুষ। মহান মুক্তিযুদ্ধে ত্রিশ লাখ শহীদের রক্তের বিনিময়ে অর্জিত হয় স্বাধীনতা। বিজয়ের এই দিনে জাতি গভীর শ্রদ্ধার সঙ্গে স্মরণ করে বীর শহীদদের। প্রতিবাদে সোচ্চার হয়েছিল বাংলার মানুষ। মহান মুক্তিযুদ্ধে ত্রিশ লাখ শহীদের রক্তের বিনিময়ে অর্জিত হয় স্বাধীনতা। বিজয়ের এই দিনে জাতি গভীর শ্রদ্ধার সঙ্গে স্মরণ করে বীর শহীদদের। প্রতিবাদে সোচ্চার হয়েছিল বাংলার মানুষ। মহান মুক্তিযুদ্ধে ত্রিশ লাখ শহীদের রক্তের বিনিময়ে অর্জিত হয় স্বাধীনতা। বিজয়ের এই দিনে জাতি গভীর শ্রদ্ধার সঙ্গে স্মরণ করে বীর শহীদদের।
মিষ্কভিটার গোচারণভূমি
এর সভাপতি ছিলেন সমবায় অধিদপ্তরের কর্মকর্তারা। গোচারণভূমি সংরক্ষণে প্রয়োজনীয় পদক্ষেপ গ্রহণের সিদ্ধান্ত হয়। খামারিদের স্বার্থ রক্ষায় কাজ করবে কর্তৃপক্ষ। এর সভাপতি ছিলেন সমবায় অধিদপ্তরের কর্মকর্তারা। গোচারণভূমি সংরক্ষণে প্রয়োজনীয় পদক্ষেপ গ্রহণের সিদ্ধান্ত হয়। খামারিদের স্বার্থ রক্ষায় কাজ করবে কর্তৃপক্ষ। এর সভাপতি ছিলেন সমবায় অধিদপ্তরের কর্মকর্তারা। গোচারণভূমি সংরক্ষণে প্রয়োজনীয় পদক্ষেপ গ্রহণের সিদ্ধান্ত হয়। খামারিদের স্বার্থ রক্ষায় কাজ করবে কর্তৃপক্ষ। এর সভাপতি ছিলেন সমবায় অধিদপ্তরের কর্মকর্তারা। গোচারণভূমি সংরক্ষণে প্রয়োজনীয় পদক্ষেপ গ্রহণের সিদ্ধান্ত হয়। খামারিদের স্বার্থ রক্ষায় কাজ করবে কর্তৃপক্ষ। এর সভাপতি ছিলেন সমবায় অধিদপ্তরের কর্মকর্তারা। গোচারণভূমি সংরক্ষণে প্রয়োজনীয় পদক্ষেপ গ্রহণের সিদ্ধান্ত হয়। খামারিদের স্বার্থ রক্ষায় কাজ করবে কর্তৃপক্ষ। এর সভাপতি ছিলেন সমবায় অধিদপ্তরের কর্মকর্তারা। গোচারণভূমি সংরক্ষণে প্রয়োজনীয় পদক্ষেপ গ্রহণের সিদ্ধান্ত হয়। খামারিদের স্বার্থ রক্ষায় কাজ করবে কর্তৃপক্ষ। এর সভাপতি ছিলেন সমবায় অধিদপ্তরের কর্মকর্তারা। গোচারণভূমি সংরক্ষণে প্রয়োজনীয় পদক্ষেপ গ্রহণের সিদ্ধান্ত হয়। খামারিদের স্বার্থ রক্ষায় কাজ করবে কর্তৃপক্ষ। এর সভাপতি ছিলেন সমবায় অধিদপ্তরের কর্মকর্তারা। গোচারণভূমি সংরক্ষণে প্রয়োজনীয় পদক্ষেপ গ্রহণের সিদ্ধান্ত হয়। খামারিদের স্বার্থ রক্ষায় কাজ করবে কর্তৃপক্ষ। এর সভাপতি ছিলেন সমবায় অধিদপ্তরের কর্মকর্তারা। গোচারণভূমি সংরক্ষণে প্রয়োজনীয় পদক্ষেপ গ্রহণের সিদ্ধান্ত হয়। খামারিদের স্বার্থ রক্ষায় কাজ করবে কর্তৃপক্ষ। এর সভাপতি ছিলেন সমবায় অধিদপ্তরের কর্মকর্তারা। গোচারণভূমি সংরক্ষণে প্রয়োজনীয় পদক্ষেপ গ্রহণের সিদ্ধান্ত হয়। খামারিদের স্বার্থ রক্ষায় কাজ করবে কর্তৃপক্ষ।
গফরগাঁওয়ে জাতীয় পতাকা
নেতাকে বিজয় দিবসের অনুষ্ঠানে জাতীয় পতাকার অবমাননার অভিযোগ উঠেছে। উপজেলা প্রশাসন বিষয়টি তদন্তে কমিটি গঠন করেছে। নেতাকে বিজয় দিবসের অনুষ্ঠানে জাতীয় পতাকার অবমাননার অভিযোগ উঠেছে। উপজেলা প্রশাসন বিষয়টি তদন্তে কমিটি গঠন করেছে। নেতাকে বিজয় দিবসের অনুষ্ঠানে জাতীয় পতাকার অবমাননার অভিযোগ উঠেছে। উপজেলা প্রশাসন বিষয়টি তদন্তে কমিটি গঠন করেছে। নেতাকে বিজয় দিবসের অনুষ্ঠানে জাতীয় পতাকার অবমাননার অভিযোগ উঠেছে। উপজেলা প্রশাসন বিষয়টি তদন্তে কমিটি গঠন করেছে। নেতাকে বিজয় দিবসের অনুষ্ঠানে জাতীয় পতাকার অবমাননার অভিযোগ উঠেছে। উপজেলা প্রশাসন বিষয়টি তদন্তে কমিটি গঠন করেছে। নেতাকে বিজয় দিবসের অনুষ্ঠানে জাতীয় পতাকার অবমাননার অভিযোগ উঠেছে। উপজেলা প্রশাসন বিষয়টি তদন্তে কমিটি গঠন করেছে। নেতাকে বিজয় দিবসের অনুষ্ঠানে জাতীয় পতাকার অবমাননার অভিযোগ উঠেছে। উপজেলা প্রশাসন বিষয়টি তদন্তে কমিটি গঠন করেছে। নেতাকে বিজয় দিবসের অনুষ্ঠানে জাতীয় পতাকার অবমাননার অভিযোগ উঠেছে। উপজেলা প্রশাসন বিষয়টি তদন্তে কমিটি গঠন করেছে। নেতাকে বিজয় দিবসের অনুষ্ঠানে জাতীয় পতাকার অবমাননার অভিযোগ উঠেছে। উপজেলা প্রশাসন বিষয়টি তদন্তে কমিটি গঠন করেছে। নেতাকে বিজয় দিবসের অনুষ্ঠানে জাতীয় পতাকার অবমাননার অভিযোগ উঠেছে। উপজেলা প্রশাসন বিষয়টি তদন্তে কমিটি গঠন করেছে। নেতাকে বিজয় দিবসের অনুষ্ঠানে জাতীয় পতাকার অবমাননার অভিযোগ উঠেছে। উপজেলা প্রশাসন বিষয়টি তদন্তে কমিটি গঠন করেছে।
'হিউম্যান ওয়াশিং মেশিন'
বিজ্ঞানের অগ্রগতিতে নতুন এক যন্ত্র উদ্ভাবিত হয়েছে যা মানুষকে গোসল করাতে সক্ষম। জাপানের একটি প্রতিষ্ঠান এই যন্ত্রটি প্রদর্শন করেছে। বিজ্ঞানের অগ্রগতিতে নতুন এক যন্ত্র উদ্ভাবিত হয়েছে যা মানুষকে গোসল করাতে সক্ষম। জাপানের একটি প্রতিষ্ঠান এই যন্ত্রটি প্রদর্শন করেছে। বিজ্ঞানের অগ্রগতিতে নতুন এক যন্ত্র উদ্ভাবিত হয়েছে যা মানুষকে গোসল করাতে সক্ষম। জাপানের একটি প্রতিষ্ঠান এই যন্ত্রটি প্রদর্শন করেছে। বিজ্ঞানের অগ্রগতিতে নতুন এক যন্ত্র উদ্ভাবিত হয়েছে যা মানুষকে গোসল করাতে সক্ষম। জাপানের একটি প্রতিষ্ঠান এই যন্ত্রটি প্রদর্শন করেছে। বিজ্ঞানের অগ্রগতিতে নতুন এক যন্ত্র উদ্ভাবিত হয়েছে যা মানুষকে গোসল করাতে সক্ষম। জাপানের একটি প্রতিষ্ঠান এই যন্ত্রটি প্রদর্শন করেছে। বিজ্ঞানের অগ্রগতিতে নতুন এক যন্ত্র উদ্ভাবিত হয়েছে যা মানুষকে গোসল করাতে সক্ষম। জাপানের একটি প্রতিষ্ঠান এই যন্ত্রটি প্রদর্শন করেছে। বিজ্ঞানের অগ্রগতিতে নতুন এক যন্ত্র উদ্ভাবিত হয়েছে যা মানুষকে গোসল করাতে সক্ষম। জাপানের একটি প্রতিষ্ঠান এই যন্ত্রটি প্রদর্শন করেছে। বিজ্ঞানের অগ্রগতিতে নতুন এক যন্ত্র উদ্ভাবিত হয়েছে যা মানুষকে গোসল করাতে সক্ষম। জাপানের একটি প্রতিষ্ঠান এই যন্ত্রটি প্রদর্শন করেছে। বিজ্ঞানের অগ্রগতিতে নতুন এক যন্ত্র উদ্ভাবিত হয়েছে যা মানুষকে গোসল করাতে সক্ষম। জাপানের একটি প্রতিষ্ঠান এই যন্ত্রটি প্রদর্শন করেছে। বিজ্ঞানের অগ্রগতিতে নতুন এক যন্ত্র উদ্ভাবিত হয়েছে যা মানুষকে গোসল করাতে সক্ষম। জাপানের একটি প্রতিষ্ঠান এই যন্ত্রটি প্রদর্শন করেছে। বিজ্ঞানের অগ্রগতিতে নতুন এক যন্ত্র উদ্ভাবিত হয়েছে যা মানুষকে গোসল করাতে সক্ষম। জাপানের একটি প্রতিষ্ঠান এই যন্ত্রটি প্রদর্শন করেছে।
চট্টগ্রামে আইনজীবী হত্যায় ১০
চট্টগ্রামে আইনজীবী হত্যা মামলায় আরও ১০ জনকে গ্রেপ্তার করেছে পুলিশ। তদন্ত কর্মকর্তা জানান, জড়িতদের শনাক্তে অভিযান চলছে। চট্টগ্রামে আইনজীবী হত্যা মামলায় আরও ১০ জনকে গ্রেপ্তার করেছে পুলিশ। তদন্ত কর্মকর্তা জানান, জড়িতদের শনাক্তে অভিযান চলছে। চট্টগ্রামে আইনজীবী হত্যা মামলায় আরও ১০ জনকে গ্রেপ্তার করেছে পুলিশ। তদন্ত কর্মকর্তা জানান, জড়িতদের শনাক্তে অভিযান চলছে।
বিক্ষোভকারীরা মানববন্ধন কর্মসূচি পালন করেন। বক্তারা দাবি করেন, দোষীদের দ্রুত বিচারের আওতায় আনতে হবে। বিক্ষোভকারীরা মানববন্ধন কর্মসূচি পালন করেন। বক্তারা দাবি করেন, দোষীদের দ্রুত বিচারের আওতায় আনতে হবে। বিক্ষোভকারীরা মানববন্ধন কর্মসূচি পালন করেন। বক্তারা দাবি করেন, দোষীদের দ্রুত বিচারের আওতায় আনতে হবে। বিক্ষোভকারীরা মানববন্ধন কর্মসূচি পালন করেন। বক্তারা দাবি করেন, দোষীদের দ্রুত বিচারের আওতায় আনতে হবে। বিক্ষোভকারীরা মানববন্ধন কর্মসূচি পালন করেন। বক্তারা দাবি করেন, দোষীদের দ্রুত বিচারের আওতায় আনতে হবে। বিক্ষোভকারীরা মানববন্ধন কর্মসূচি পালন করেন। বক্তারা দাবি করেন, দোষীদের দ্রুত বিচারের আওতায় আনতে হবে। বিক্ষোভকারীরা মানববন্ধন কর্মসূচি পালন করেন। বক্তারা দাবি করেন, দোষীদের দ্রুত বিচারের আওতায় আনতে হবে। বিক্ষোভকারীরা মানববন্ধন কর্মসূচি পালন করেন। বক্তারা দাবি করেন, দোষীদের দ্রুত বিচারের আওতায় আনতে হবে। বিক্ষোভকারীরা মানববন্ধন কর্মসূচি পালন করেন। বক্তারা দাবি করেন, দোষীদের দ্রুত বিচারের আওতায় আনতে হবে।
কুষ্টিয়ায় বৈষম্যবিরোধী ছাত্র
ঢাকা থেকে বৈষম্যবিরোধী ছাত্র আন্দোলনের প্রতিনিধিদল কুষ্টিয়া সফর করেছেন। তারা স্থানীয় ছাত্রদের সঙ্গে মতবিনিময় করেন এবং আন্দোলনে আহতদের খোঁজখবর নেন। নেতারা বলেন, শহীদদের রক্ত বৃথা যেতে দেওয়া হবে না। ঢাকা থেকে বৈষম্যবিরোধী ছাত্র আন্দোলনের প্রতিনিধিদল কুষ্টিয়া সফর করেছেন। তারা স্থানীয় ছাত্রদের সঙ্গে মতবিনিময় করেন এবং আন্দোলনে আহতদের খোঁজখবর নেন। নেতারা বলেন, শহীদদের রক্ত বৃথা যেতে দেওয়া হবে না। ঢাকা থেকে বৈষম্যবিরোধী ছাত্র আন্দোলনের প্রতিনিধিদল কুষ্টিয়া সফর করেছেন। তারা স্থানীয় ছাত্রদের সঙ্গে মতবিনিময় করেন এবং আন্দোলনে আহতদের খোঁজখবর নেন। নেতারা বলেন, শহীদদের রক্ত বৃথা যেতে দেওয়া হবে না। ঢাকা থেকে বৈষম্যবিরোধী ছাত্র আন্দোলনের প্রতিনিধিদল কুষ্টিয়া সফর করেছেন। তারা স্থানীয় ছাত্রদের সঙ্গে মতবিনিময় করেন এবং আন্দোলনে আহতদের খোঁজখবর নেন। নেতারা বলেন, শহীদদের রক্ত বৃথা যেতে দেওয়া হবে না। ঢাকা থেকে বৈষম্যবিরোধী ছাত্র আন্দোলনের প্রতিনিধিদল কুষ্টিয়া সফর করেছেন। তারা স্থানীয় ছাত্রদের সঙ্গে মতবিনিময় করেন এবং আন্দোলনে আহতদের খোঁজখবর নেন। নেতারা বলেন, শহীদদের রক্ত বৃথা যেতে দেওয়া হবে না। ঢাকা থেকে বৈষম্যবিরোধী ছাত্র আন্দোলনের প্রতিনিধিদল কুষ্টিয়া সফর করেছেন। তারা স্থানীয় ছাত্রদের সঙ্গে মতবিনিময় করেন এবং আন্দোলনে আহতদের খোঁজখবর নেন। নেতারা বলেন, শহীদদের রক্ত বৃথা যেতে দেওয়া হবে না। ঢাকা থেকে বৈষম্যবিরোধী ছাত্র আন্দোলনের প্রতিনিধিদল কুষ্টিয়া সফর করেছেন। তারা স্থানীয় ছাত্রদের সঙ্গে মতবিনিময় করেন এবং আন্দোলনে আহতদের খোঁজখবর নেন। নেতারা বলেন, শহীদদের রক্ত বৃথা যেতে দেওয়া হবে না। ঢাকা থেকে বৈষম্যবিরোধী ছাত্র আন্দোলনের প্রতিনিধিদল কুষ্টিয়া সফর করেছেন। তারা স্থানীয় ছাত্রদের সঙ্গে মতবিনিময় করেন এবং আন্দোলনে আহতদের খোঁজখবর নেন। নেতারা বলেন, শহীদদের রক্ত বৃথা যেতে দেওয়া হবে না। ঢাকা থেকে বৈষম্যবিরোধী ছাত্র আন্দোলনের প্রতিনিধিদল কুষ্টিয়া সফর করেছেন। তারা স্থানীয় ছাত্রদের সঙ্গে মতবিনিময় করেন এবং আন্দোলনে আহতদের খোঁজখবর নেন। নেতারা বলেন, শহীদদের রক্ত বৃথা যেতে দেওয়া হবে না। ঢাকা থেকে বৈষম্যবিরোধী ছাত্র আন্দোলনের প্রতিনিধিদল কুষ্টিয়া সফর করেছেন। তারা স্থানীয় ছাত্রদের সঙ্গে মতবিনিময় করেন এবং আন্দোলনে আহতদের খোঁজখবর নেন। নেতারা বলেন, শহীদদের রক্ত বৃথা যেতে দেওয়া হবে না। ঢাকা থেকে বৈষম্যবিরোধী ছাত্র আন্দোলনের প্রতিনিধিদল কুষ্টিয়া সফর করেছেন। তারা স্থানীয় ছাত্রদের সঙ্গে মতবিনিময় করেন এবং আন্দোলনে আহতদের খোঁজখবর নেন। নেতারা বলেন, শহীদদের রক্ত বৃথা যেতে দেওয়া হবে না। ঢাকা থেকে বৈষম্যবিরোধী ছাত্র আন্দোলনের প্রতিনিধিদল কুষ্টিয়া সফর করেছেন। তারা স্থানীয় ছাত্রদের সঙ্গে মতবিনিময় করেন এবং আন্দোলনে আহতদের খোঁজখবর নেন। নেতারা বলেন, শহীদদের রক্ত বৃথা যেতে দেওয়া হবে না। ঢাকা থেকে বৈষম্যবিরোধী ছাত্র আন্দোলনের প্রতিনিধিদল কুষ্টিয়া সফর করেছেন। তারা স্থানীয় ছাত্রদের সঙ্গে মতবিনিময় করেন এবং আন্দোলনে আহতদের খোঁজখবর নেন। নেতারা বলেন, শহীদদের রক্ত বৃথা যেতে দেওয়া হবে না। ঢাকা থেকে বৈষম্যবিরোধী ছাত্র আন্দোলনের প্রতিনিধিদল কুষ্টিয়া সফর করেছেন। তারা স্থানীয় ছাত্রদের সঙ্গে মতবিনিময় করেন এবং আন্দোলনে আহতদের খোঁজখবর নেন। নেতারা বলেন, শহীদদের রক্ত বৃথা যেতে দেওয়া হবে না। ঢাকা থেকে বৈষম্যবিরোধী ছাত্র আন্দোলনের প্রতিনিধিদল কুষ্টিয়া সফর করেছেন। তারা স্থানীয় ছাত্রদের সঙ্গে মতবিনিময় করেন এবং আন্দোলনে আহতদের খোঁজখবর নেন। নেতারা বলেন, শহীদদের রক্ত বৃথা যেতে দেওয়া হবে না। ঢাকা থেকে বৈষম্যবিরোধী ছাত্র আন্দোলনের প্রতিনিধিদল কুষ্টিয়া সফর করেছেন। তারা স্থানীয় ছাত্রদের সঙ্গে মতবিনিময় করেন এবং আন্দোলনে আহতদের খোঁজখবর নেন। নেতারা বলেন, শহীদদের রক্ত বৃথা যেতে দেওয়া হবে না। ঢাকা থেকে বৈষম্যবিরোধী ছাত্র আন্দোলনের প্রতিনিধিদল কুষ্টিয়া সফর করেছেন। তারা স্থানীয় ছাত্রদের সঙ্গে মতবিনিময় করেন এবং আন্দোলনে আহতদের খোঁজখবর নেন। নেতারা বলেন, শহীদদের রক্ত বৃথা যেতে দেওয়া হবে না। ঢাকা থেকে বৈষম্যবিরোধী ছাত্র আন্দোলনের প্রতিনিধিদল কুষ্টিয়া সফর করেছেন। তারা স্থানীয় ছাত্রদের সঙ্গে মতবিনিময় করেন এবং আন্দোলনে আহতদের খোঁজখবর নেন। নেতারা বলেন, শহীদদের রক্ত বৃথা যেতে দেওয়া হবে না। ঢাকা থেকে বৈষম্যবিরোধী ছাত্র আন্দোলনের প্রতিনিধিদল কুষ্টিয়া সফর করেছেন। তারা স্থানীয় ছাত্রদের সঙ্গে মতবিনিময় করেন এবং আন্দোলনে আহতদের খোঁজখবর নেন। নেতারা বলেন, শহীদদের রক্ত বৃথা যেতে দেওয়া হবে না। ঢাকা থেকে বৈষম্যবিরোধী ছাত্র আন্দোলনের প্রতিনিধিদল কুষ্টিয়া সফর করেছেন। তারা স্থানীয় ছাত্রদের সঙ্গে মতবিনিময় করেন এবং আন্দোলনে আহতদের খোঁজখবর নেন। নেতারা বলেন, শহীদদের রক্ত বৃথা যেতে দেওয়া হবে না। ঢাকা থেকে বৈষম্যবিরোধী ছাত্র আন্দোলনের প্রতিনিধিদল কুষ্টিয়া সফর করেছেন। তারা স্থানীয় ছাত্রদের সঙ্গে মতবিনিময় করেন এবং আন্দোলনে আহতদের খোঁজখবর নেন। নেতারা বলেন, শহীদদের রক্ত বৃথা যেতে দেওয়া হবে না। ঢাকা থেকে বৈষম্যবিরোধী ছাত্র আন্দোলনের প্রতিনিধিদল কুষ্টিয়া সফর করেছেন। তারা স্থানীয় ছাত্রদের সঙ্গে মতবিনিময় করেন এবং আন্দোলনে আহতদের খোঁজখবর নেন। নেতারা বলেন, শহীদদের রক্ত বৃথা যেতে দেওয়া হবে না।
৭ বিভাগে ভারী
বৃষ্টি হতে পারে। আবহাওয়া অধিদপ্তর জানিয়েছে, লঘুচাপের প্রভাবে দেশের সাত বিভাগে ভারী বৃষ্টির সম্ভাবনা রয়েছে। বৃষ্টি হতে পারে। আবহাওয়া অধিদপ্তর জানিয়েছে, লঘুচাপের প্রভাবে দেশের সাত বিভাগে ভারী বৃষ্টির সম্ভাবনা রয়েছে। বৃষ্টি হতে পারে। আবহাওয়া অধিদপ্তর জানিয়েছে, লঘুচাপের প্রভাবে দেশের সাত বিভাগে ভারী বৃষ্টির সম্ভাবনা রয়েছে। বৃষ্টি হতে পারে। আবহাওয়া অধিদপ্তর জানিয়েছে, লঘুচাপের প্রভাবে দেশের সাত বিভাগে ভারী বৃষ্টির সম্ভাবনা রয়েছে। বৃষ্টি হতে পারে। আবহাওয়া অধিদপ্তর জানিয়েছে, লঘুচাপের প্রভাবে দেশের সাত বিভাগে ভারী বৃষ্টির সম্ভাবনা রয়েছে। বৃষ্টি হতে পারে। আবহাওয়া অধিদপ্তর জানিয়েছে, লঘুচাপের প্রভাবে দেশের সাত বিভাগে ভারী বৃষ্টির সম্ভাবনা রয়েছে। বৃষ্টি হতে পারে। আবহাওয়া অধিদপ্তর জানিয়েছে, লঘুচাপের প্রভাবে দেশের সাত বিভাগে ভারী বৃষ্টির সম্ভাবনা রয়েছে। বৃষ্টি হতে পারে। আবহাওয়া অধিদপ্তর জানিয়েছে, লঘুচাপের প্রভাবে দেশের সাত বিভাগে ভারী বৃষ্টির সম্ভাবনা রয়েছে।
একটি ব্রীজ দুর্ভোগ ঘোচাবে
প্রত্যেক বছর বর্ষায় হাজারো মানুষ নৌকায় পারাপার হন। এলাকাবাসী দীর্ঘদিন ধরে একটি সেতু নির্মাণের দাবি জানিয়ে আসছেন। প্রত্যেক বছর বর্ষায় হাজারো মানুষ নৌকায় পারাপার হন। এলাকাবাসী দীর্ঘদিন ধরে একটি সেতু নির্মাণের দাবি জানিয়ে আসছেন। প্রত্যেক বছর বর্ষায় হাজারো মানুষ নৌকায় পারাপার হন। এলাকাবাসী দীর্ঘদিন ধরে একটি সেতু নির্মাণের দাবি জানিয়ে আসছেন। প্রত্যেক বছর বর্ষায় হাজারো মানুষ নৌকায় পারাপার হন। এলাকাবাসী দীর্ঘদিন ধরে একটি সেতু নির্মাণের দাবি জানিয়ে আসছেন। প্রত্যেক বছর বর্ষায় হাজারো মানুষ নৌকায় পারাপার হন। এলাকাবাসী দীর্ঘদিন ধরে একটি সেতু নির্মাণের দাবি জানিয়ে আসছেন। প্রত্যেক বছর বর্ষায় হাজারো মানুষ নৌকায় পারাপার হন। এলাকাবাসী দীর্ঘদিন ধরে একটি সেতু নির্মাণের দাবি জানিয়ে আসছেন। প্রত্যেক বছর বর্ষায় হাজারো মানুষ নৌকায় পারাপার হন। এলাকাবাসী দীর্ঘদিন ধরে একটি সেতু নির্মাণের দাবি জানিয়ে আসছেন। প্রত্যেক বছর বর্ষায় হাজারো মানুষ নৌকায় পারাপার হন। এলাকাবাসী দীর্ঘদিন ধরে একটি সেতু নির্মাণের দাবি জানিয়ে আসছেন। প্রত্যেক বছর বর্ষায় হাজারো মানুষ নৌকায় পারাপার হন। এলাকাবাসী দীর্ঘদিন ধরে একটি সেতু নির্মাণের দাবি জানিয়ে আসছেন। প্রত্যেক বছর বর্ষায় হাজারো মানুষ নৌকায় পারাপার হন। এলাকাবাসী দীর্ঘদিন ধরে একটি সেতু নির্মাণের দাবি জানিয়ে আসছেন। প্রত্যেক বছর বর্ষায় হাজারো মানুষ নৌকায় পারাপার হন। এলাকাবাসী দীর্ঘদিন ধরে একটি সেতু নির্মাণের দাবি জানিয়ে আসছেন।
